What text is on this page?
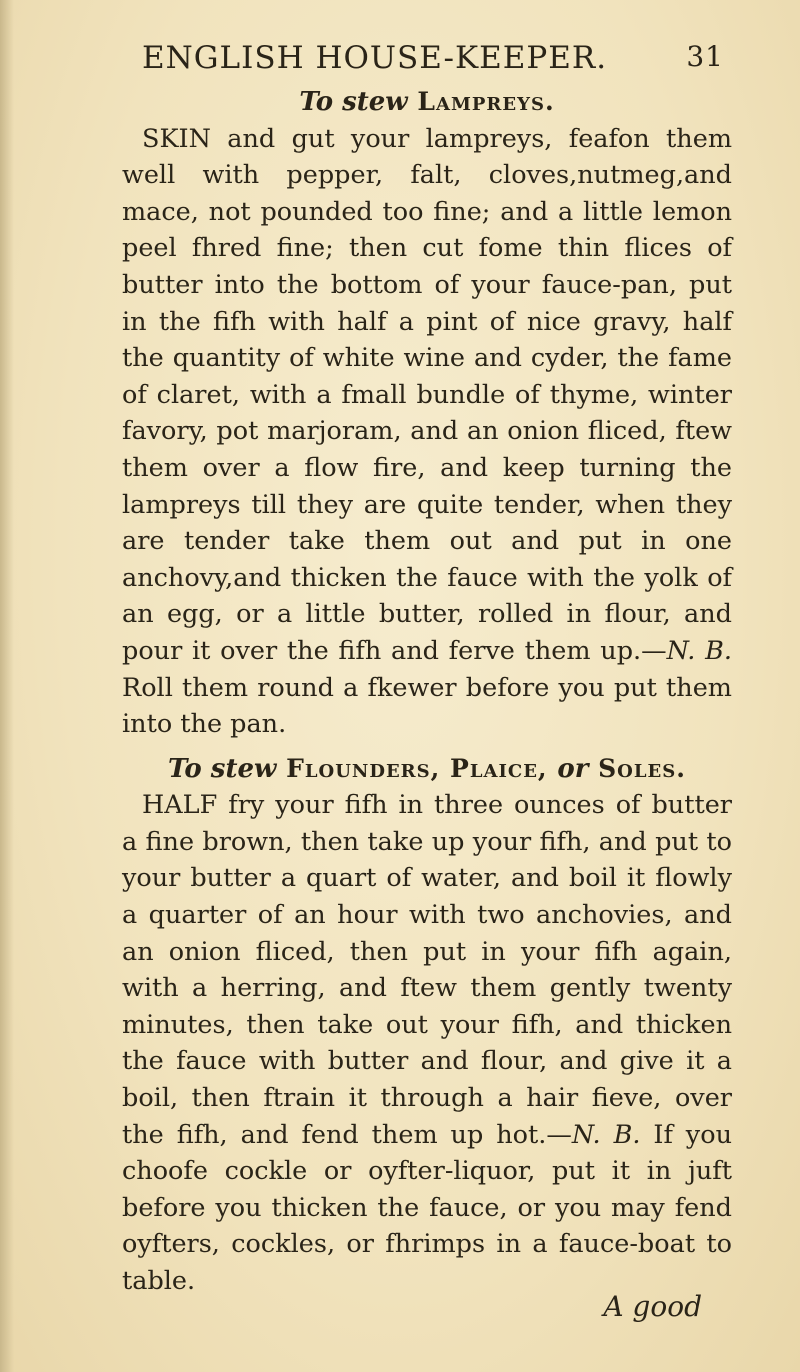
ENGLISH HOUSE-KEEPER.	31
To stew Lampreys.

SKIN and gut your lampreys, feafon them well with pepper, falt, cloves,nutmeg,and mace, not pounded too fine; and a little lemon peel fhred fine; then cut fome thin flices of butter into the bottom of your fauce-pan, put in the fifh with half a pint of nice gravy, half the quantity of white wine and cyder, the fame of claret, with a fmall bundle of thyme, winter favory, pot marjoram, and an onion fliced, ftew them over a flow fire, and keep turning the lampreys till they are quite tender, when they are tender take them out and put in one anchovy,and thicken the fauce with the yolk of an egg, or a little butter, rolled in flour, and pour it over the fifh and ferve them up.—N. B. Roll them round a fkewer before you put them into the pan.

To stew Flounders, Plaice, or Soles.

HALF fry your fifh in three ounces of butter a fine brown, then take up your fifh, and put to your butter a quart of water, and boil it flowly a quarter of an hour with two anchovies, and an onion fliced, then put in your fifh again, with a herring, and ftew them gently twenty minutes, then take out your fifh, and thicken the fauce with butter and flour, and give it a boil, then ftrain it through a hair fieve, over the fifh, and fend them up hot.—N. B. If you choofe cockle or oyfter-liquor, put it in juft before you thicken the fauce, or you may fend oyfters, cockles, or fhrimps in a fauce-boat to table.

A good
